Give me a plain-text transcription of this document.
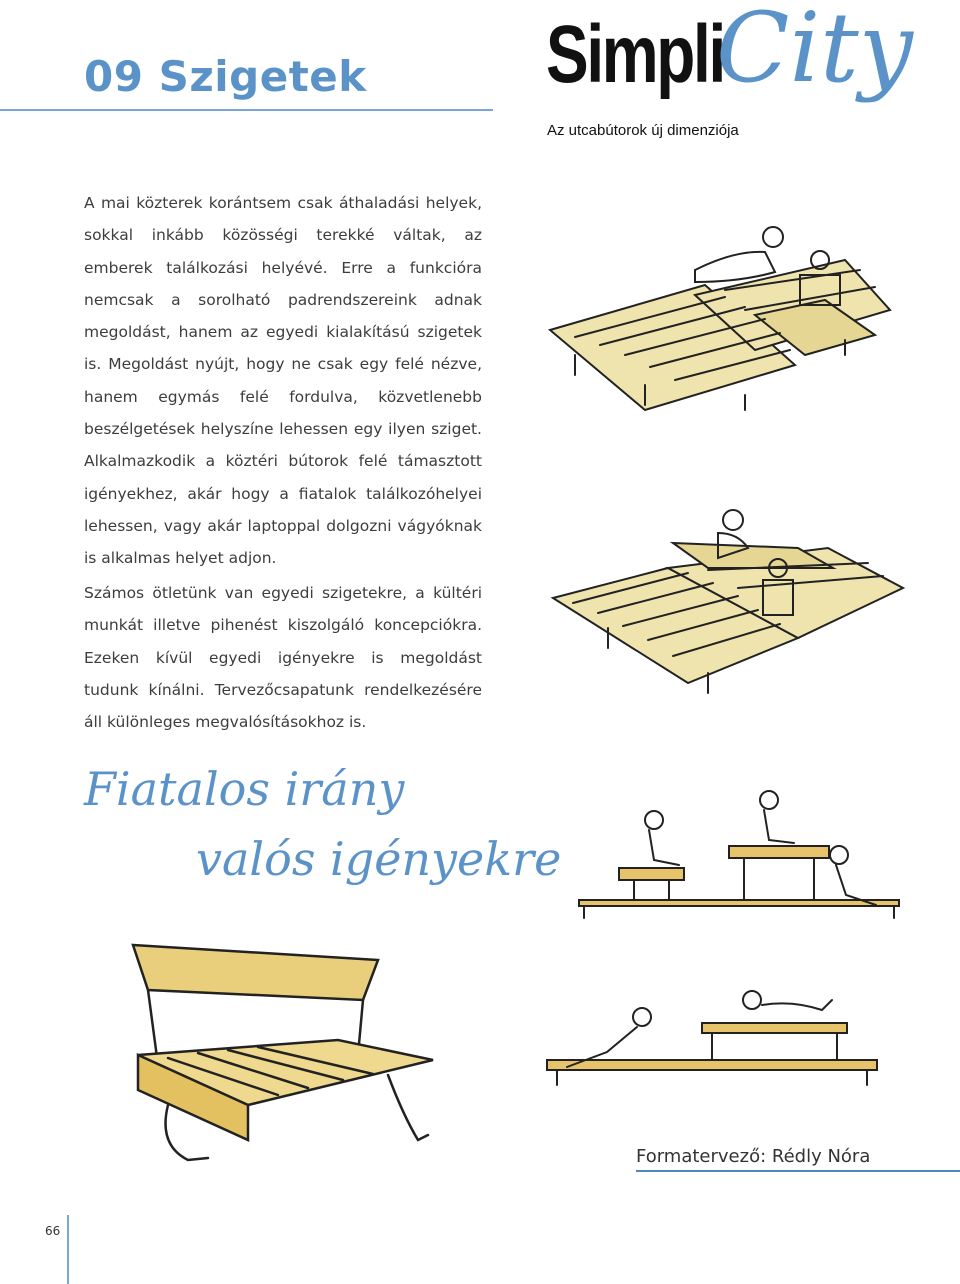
09 Szigetek Simpli
City
Az utcabútorok új dimenziója
A mai közterek korántsem csak áthaladási helyek, sokkal inkább közösségi terekké váltak, az emberek találkozási helyévé. Erre a funkcióra nemcsak a sorolható padrendszereink adnak megoldást, hanem az egyedi kialakítású szigetek is. Megoldást nyújt, hogy ne csak egy felé nézve, hanem egymás felé fordulva, közvetlenebb beszélgetések helyszíne lehessen egy ilyen sziget. Alkalmazkodik a köztéri bútorok felé támasztott igényekhez, akár hogy a fiatalok találkozóhelyei lehessen, vagy akár laptoppal dolgozni vágyóknak is alkalmas helyet adjon.
Számos ötletünk van egyedi szigetekre, a kültéri munkát illetve pihenést kiszolgáló koncepciókra. Ezeken kívül egyedi igényekre is megoldást tudunk kínálni. Tervezőcsapatunk rendelkezésére áll különleges megvalósításokhoz is.
Fiatalos irány
valós igényekre
Formatervező: Rédly Nóra
66
